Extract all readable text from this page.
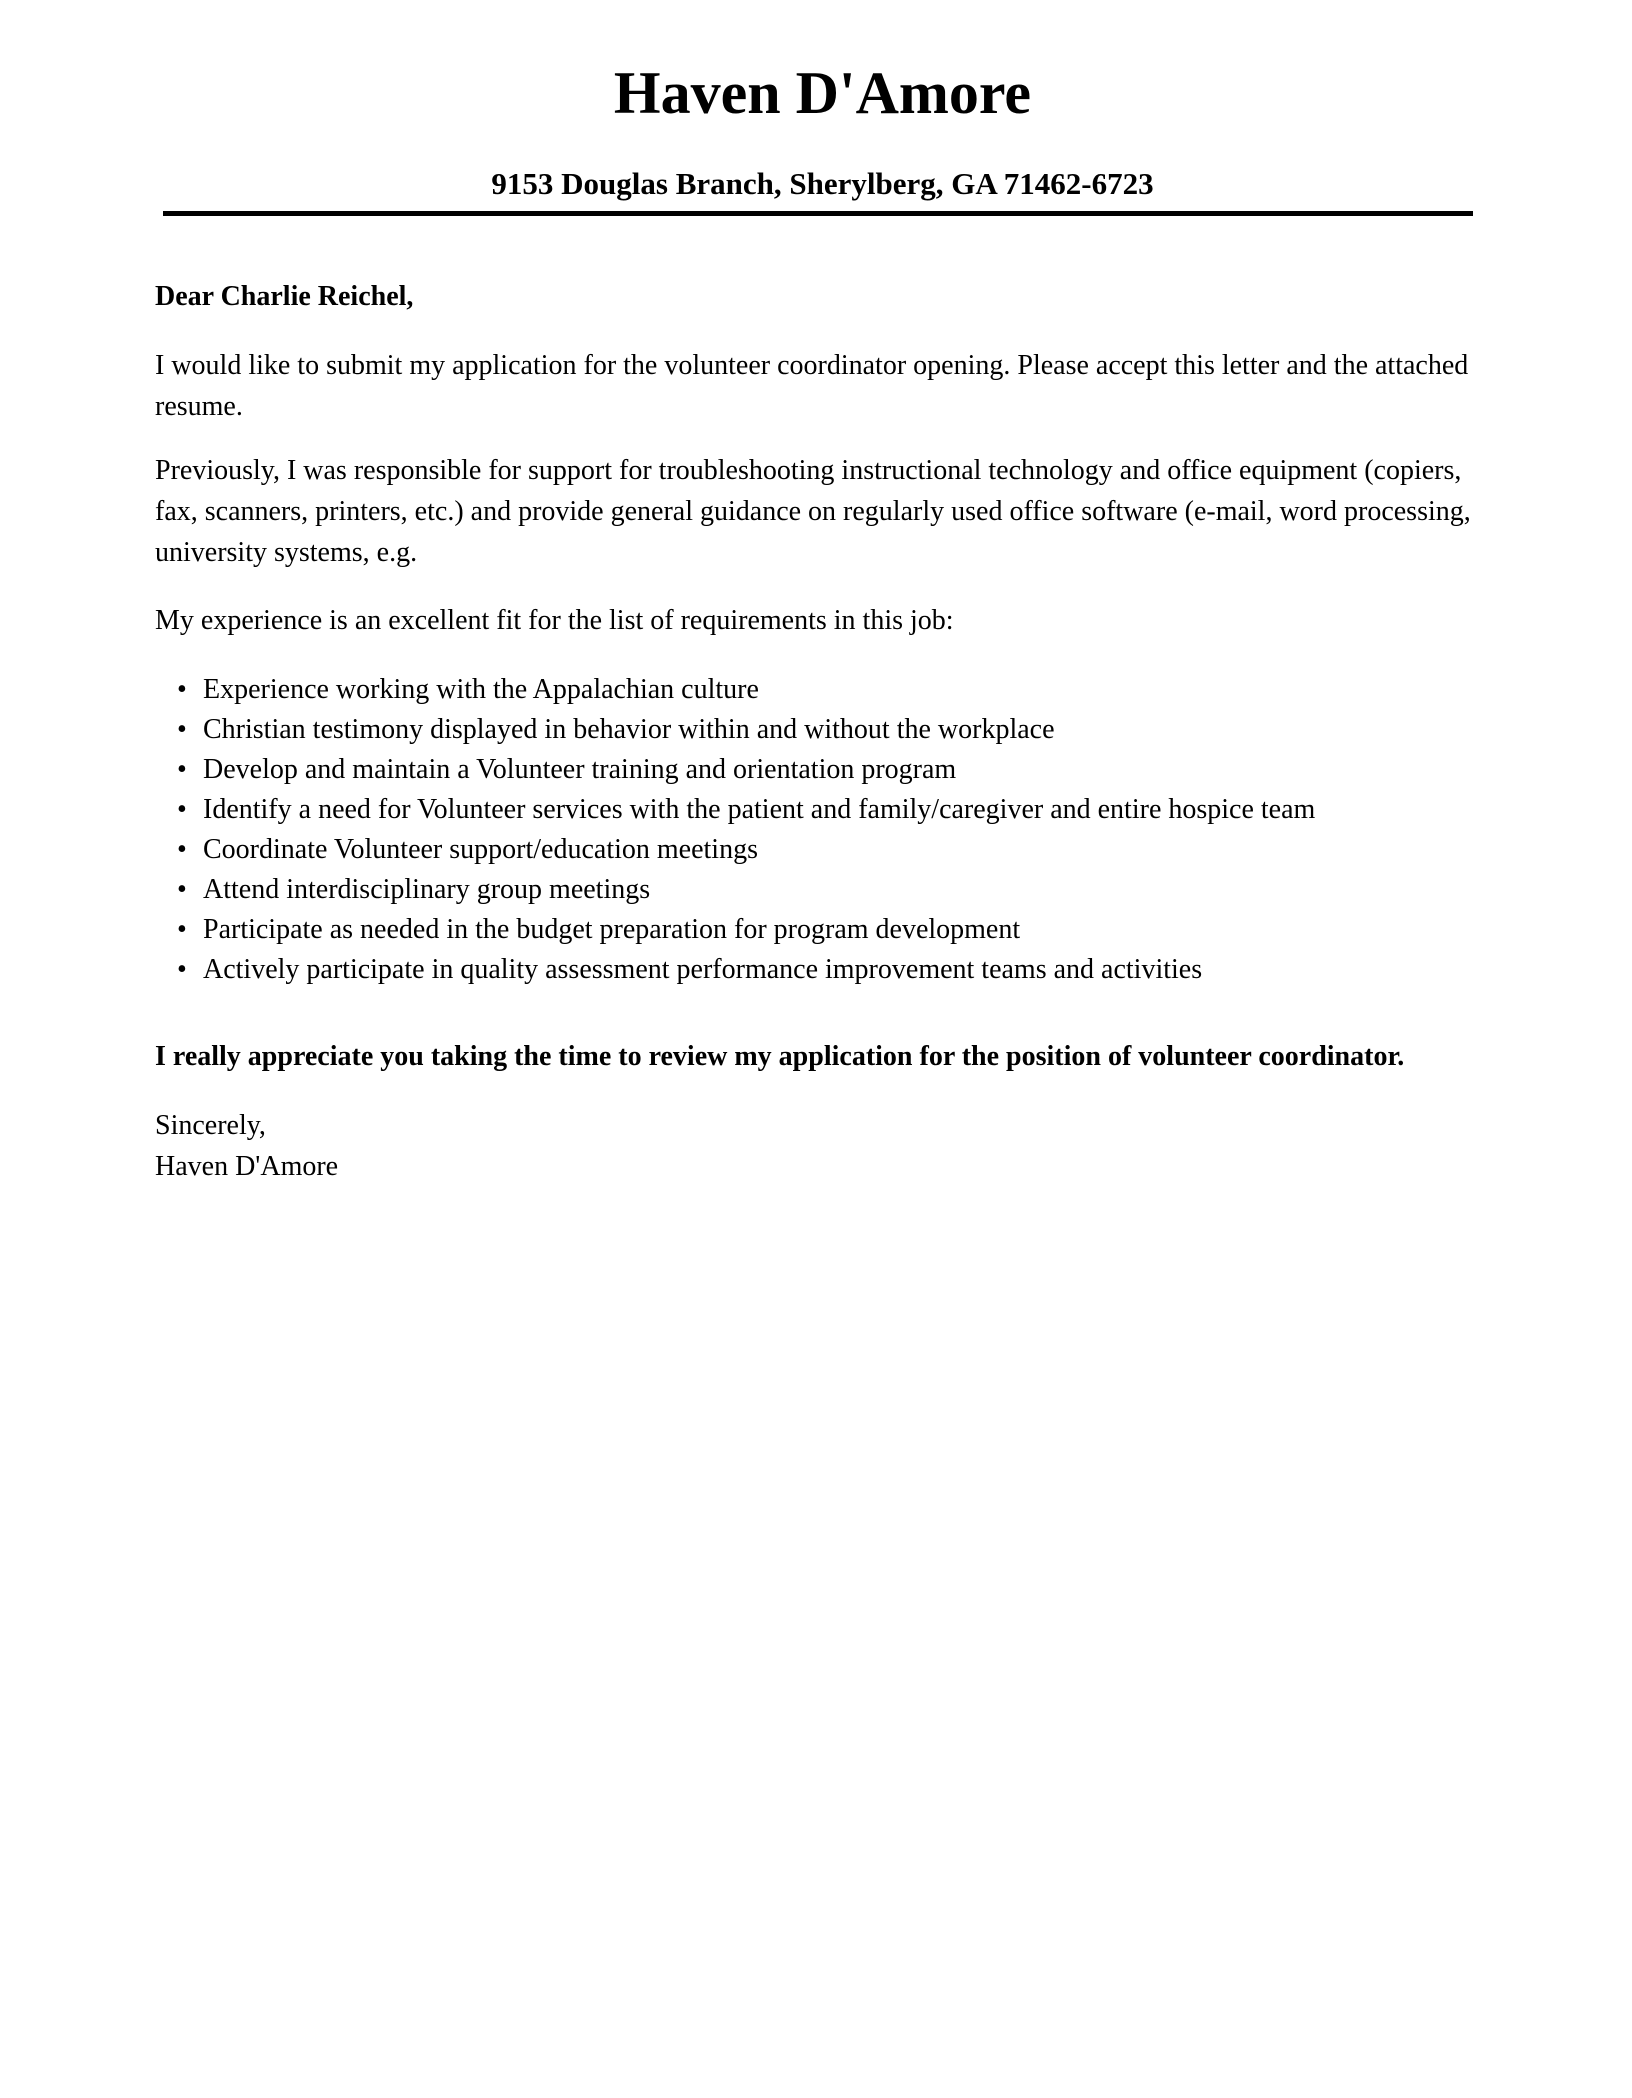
Haven D'Amore
9153 Douglas Branch, Sherylberg, GA 71462-6723
Dear Charlie Reichel,

I would like to submit my application for the volunteer coordinator opening. Please accept this letter and the attached resume.

Previously, I was responsible for support for troubleshooting instructional technology and office equipment (copiers, fax, scanners, printers, etc.) and provide general guidance on regularly used office software (e-mail, word processing, university systems, e.g.

My experience is an excellent fit for the list of requirements in this job:

• Experience working with the Appalachian culture
• Christian testimony displayed in behavior within and without the workplace
• Develop and maintain a Volunteer training and orientation program
• Identify a need for Volunteer services with the patient and family/caregiver and entire hospice team
• Coordinate Volunteer support/education meetings
• Attend interdisciplinary group meetings
• Participate as needed in the budget preparation for program development
• Actively participate in quality assessment performance improvement teams and activities

I really appreciate you taking the time to review my application for the position of volunteer coordinator.

Sincerely,
Haven D'Amore
